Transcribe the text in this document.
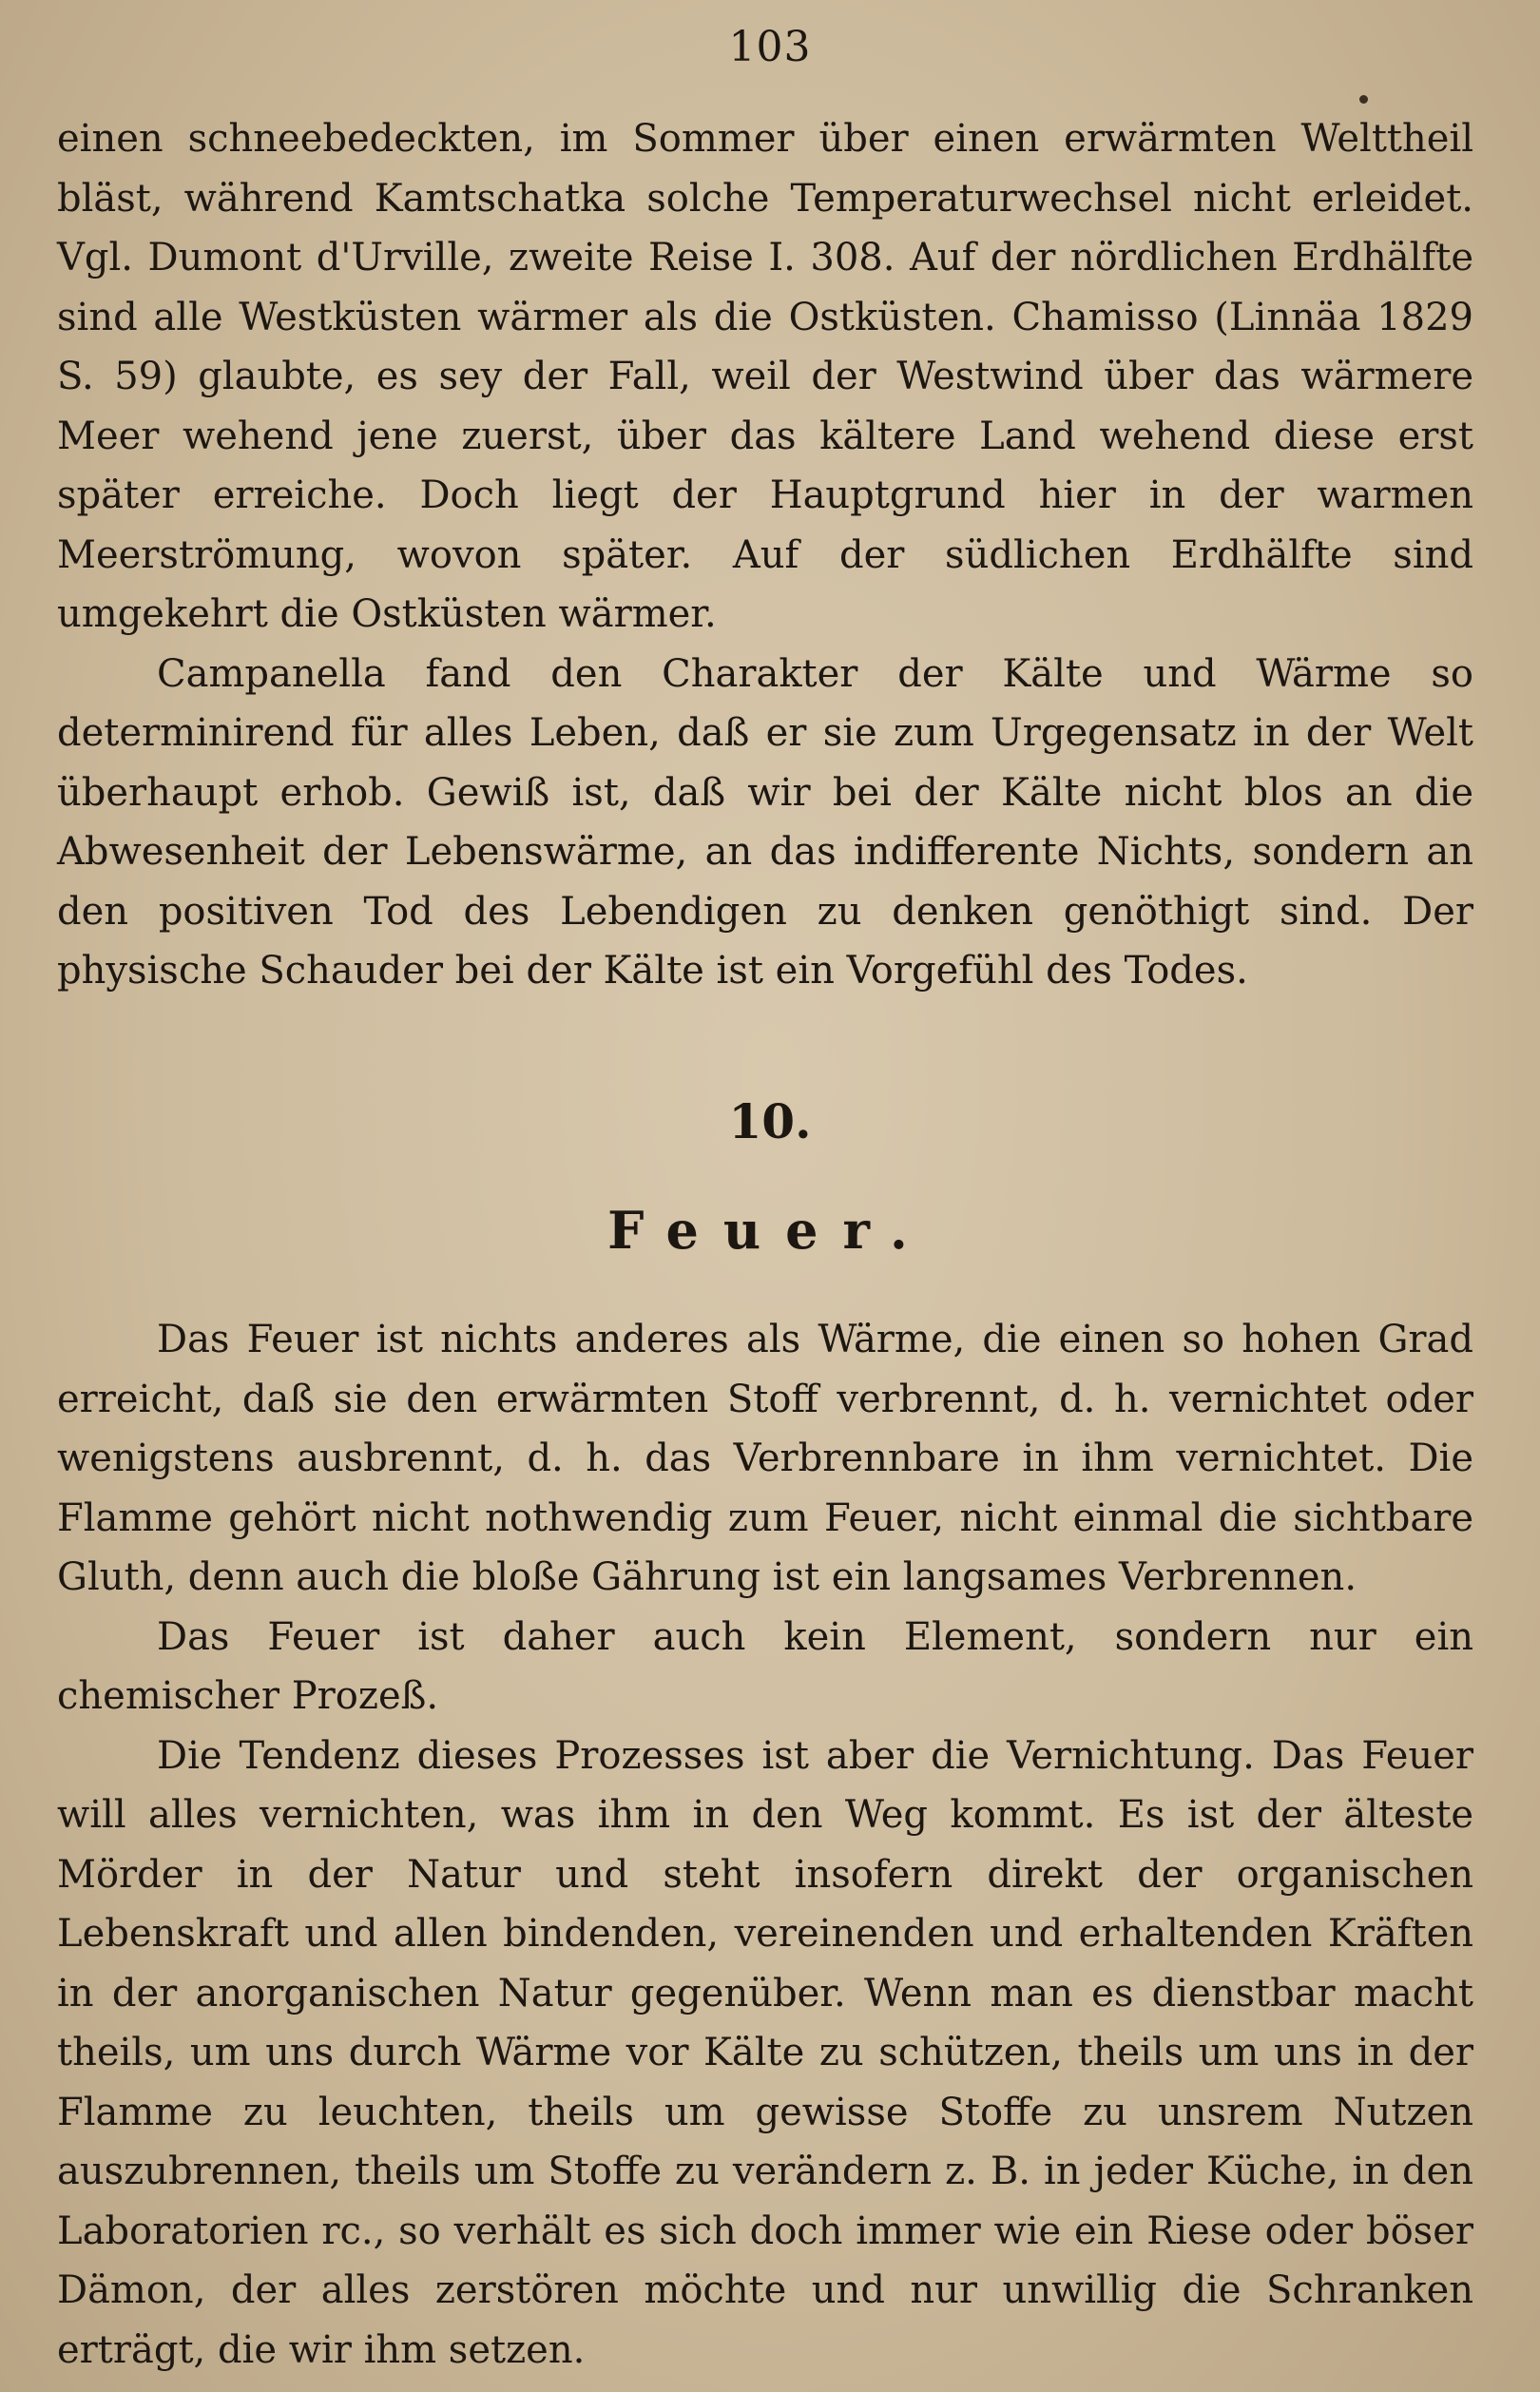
103

einen schneebedeckten, im Sommer über einen erwärmten Welttheil bläst, während Kamtschatka solche Temperaturwechsel nicht erleidet. Vgl. Dumont d'Urville, zweite Reise I. 308. Auf der nördlichen Erdhälfte sind alle Westküsten wärmer als die Ostküsten. Chamisso (Linnäa 1829 S. 59) glaubte, es sey der Fall, weil der Westwind über das wärmere Meer wehend jene zuerst, über das kältere Land wehend diese erst später erreiche. Doch liegt der Hauptgrund hier in der warmen Meerströmung, wovon später. Auf der südlichen Erdhälfte sind umgekehrt die Ostküsten wärmer.

Campanella fand den Charakter der Kälte und Wärme so determinirend für alles Leben, daß er sie zum Urgegensatz in der Welt überhaupt erhob. Gewiß ist, daß wir bei der Kälte nicht blos an die Abwesenheit der Lebenswärme, an das indifferente Nichts, sondern an den positiven Tod des Lebendigen zu denken genöthigt sind. Der physische Schauder bei der Kälte ist ein Vorgefühl des Todes.

10.
Feuer.

Das Feuer ist nichts anderes als Wärme, die einen so hohen Grad erreicht, daß sie den erwärmten Stoff verbrennt, d. h. vernichtet oder wenigstens ausbrennt, d. h. das Verbrennbare in ihm vernichtet. Die Flamme gehört nicht nothwendig zum Feuer, nicht einmal die sichtbare Gluth, denn auch die bloße Gährung ist ein langsames Verbrennen.

Das Feuer ist daher auch kein Element, sondern nur ein chemischer Prozeß.

Die Tendenz dieses Prozesses ist aber die Vernichtung. Das Feuer will alles vernichten, was ihm in den Weg kommt. Es ist der älteste Mörder in der Natur und steht insofern direkt der organischen Lebenskraft und allen bindenden, vereinenden und erhaltenden Kräften in der anorganischen Natur gegenüber. Wenn man es dienstbar macht theils, um uns durch Wärme vor Kälte zu schützen, theils um uns in der Flamme zu leuchten, theils um gewisse Stoffe zu unsrem Nutzen auszubrennen, theils um Stoffe zu verändern z. B. in jeder Küche, in den Laboratorien rc., so verhält es sich doch immer wie ein Riese oder böser Dämon, der alles zerstören möchte und nur unwillig die Schranken erträgt, die wir ihm setzen.
